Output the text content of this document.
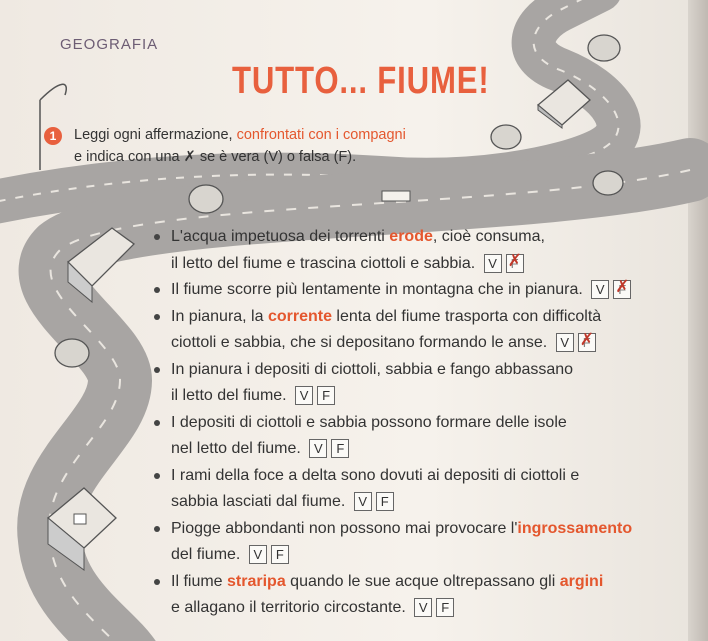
GEOGRAFIA
TUTTO... FIUME!
1	Leggi ogni affermazione, confrontati con i compagni
e indica con una ✗ se è vera (V) o falsa (F).
L'acqua impetuosa dei torrenti erode, cioè consuma,
il letto del fiume e trascina ciottoli e sabbia. V F ✗
Il fiume scorre più lentamente in montagna che in pianura. V F ✗
In pianura, la corrente lenta del fiume trasporta con difficoltà
ciottoli e sabbia, che si depositano formando le anse. V F ✗
In pianura i depositi di ciottoli, sabbia e fango abbassano
il letto del fiume. V F
I depositi di ciottoli e sabbia possono formare delle isole
nel letto del fiume. V F
I rami della foce a delta sono dovuti ai depositi di ciottoli e
sabbia lasciati dal fiume. V F
Piogge abbondanti non possono mai provocare l'ingrossamento
del fiume. V F
Il fiume straripa quando le sue acque oltrepassano gli argini
e allagano il territorio circostante. V F
